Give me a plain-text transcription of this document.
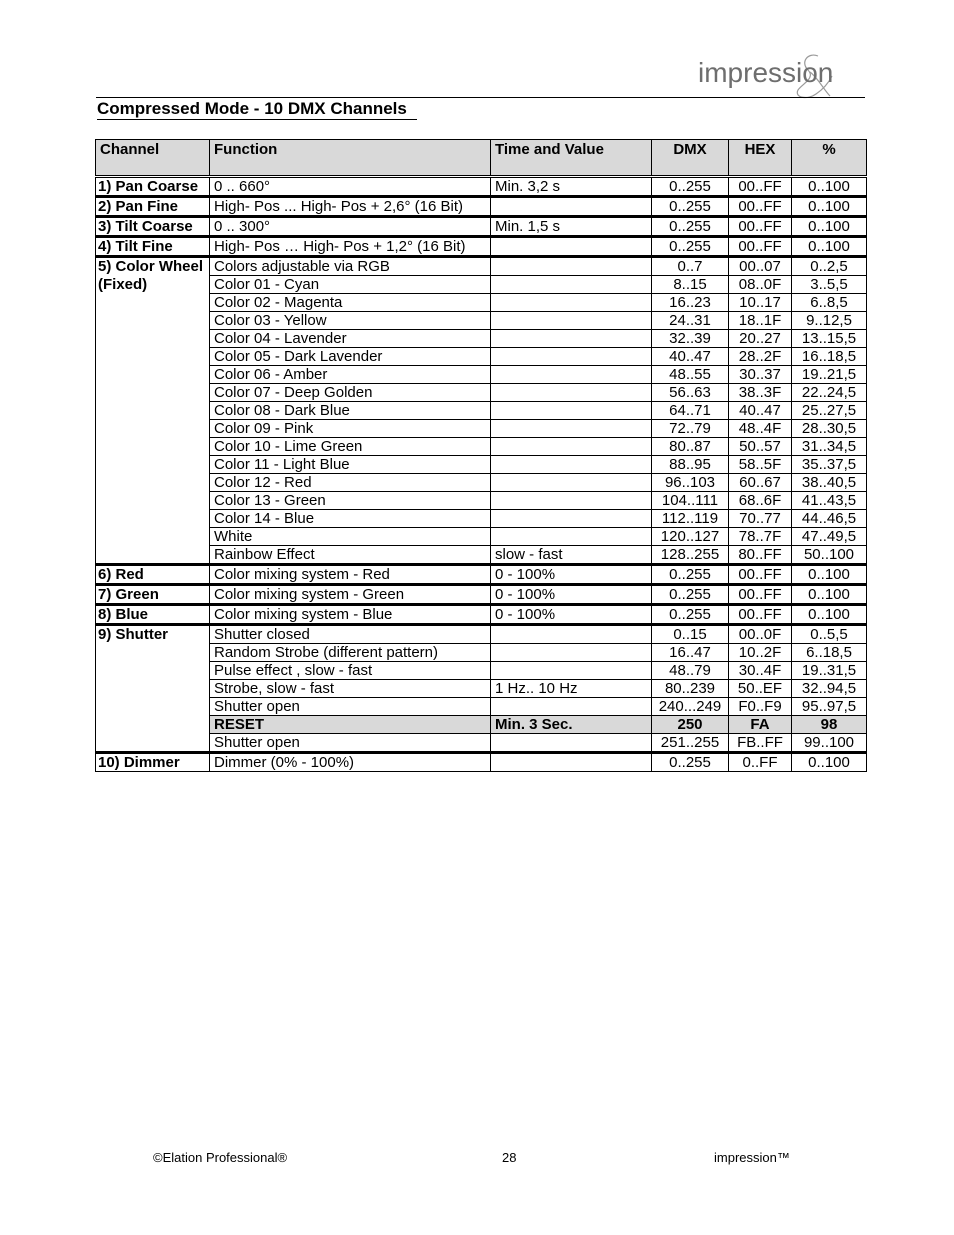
impression
Compressed Mode - 10 DMX Channels
Channel	Function	Time and Value	DMX	HEX	%
1) Pan Coarse	0 .. 660°	Min. 3,2 s	0..255	00..FF	0..100
2) Pan Fine	High- Pos ... High- Pos + 2,6° (16 Bit)		0..255	00..FF	0..100
3) Tilt Coarse	0 .. 300°	Min. 1,5 s	0..255	00..FF	0..100
4) Tilt Fine	High- Pos … High- Pos + 1,2° (16 Bit)		0..255	00..FF	0..100
5) Color Wheel	Colors adjustable via RGB		0..7	00..07	0..2,5
(Fixed)	Color 01 - Cyan		8..15	08..0F	3..5,5
	Color 02 - Magenta		16..23	10..17	6..8,5
	Color 03 - Yellow		24..31	18..1F	9..12,5
	Color 04 - Lavender		32..39	20..27	13..15,5
	Color 05 - Dark Lavender		40..47	28..2F	16..18,5
	Color 06 - Amber		48..55	30..37	19..21,5
	Color 07 - Deep Golden		56..63	38..3F	22..24,5
	Color 08 - Dark Blue		64..71	40..47	25..27,5
	Color 09 - Pink		72..79	48..4F	28..30,5
	Color 10 - Lime Green		80..87	50..57	31..34,5
	Color 11 - Light Blue		88..95	58..5F	35..37,5
	Color 12 - Red		96..103	60..67	38..40,5
	Color 13 - Green		104..111	68..6F	41..43,5
	Color 14 - Blue		112..119	70..77	44..46,5
	White		120..127	78..7F	47..49,5
	Rainbow Effect	slow - fast	128..255	80..FF	50..100
6) Red	Color mixing system - Red	0 - 100%	0..255	00..FF	0..100
7) Green	Color mixing system - Green	0 - 100%	0..255	00..FF	0..100
8) Blue	Color mixing system - Blue	0 - 100%	0..255	00..FF	0..100
9) Shutter	Shutter closed		0..15	00..0F	0..5,5
	Random Strobe (different pattern)		16..47	10..2F	6..18,5
	Pulse effect , slow - fast		48..79	30..4F	19..31,5
	Strobe, slow - fast	1 Hz.. 10 Hz	80..239	50..EF	32..94,5
	Shutter open		240...249	F0..F9	95..97,5
	RESET	Min. 3 Sec.	250	FA	98
	Shutter open		251..255	FB..FF	99..100
10) Dimmer	Dimmer (0% - 100%)		0..255	0..FF	0..100
©Elation Professional®	28	impression™
